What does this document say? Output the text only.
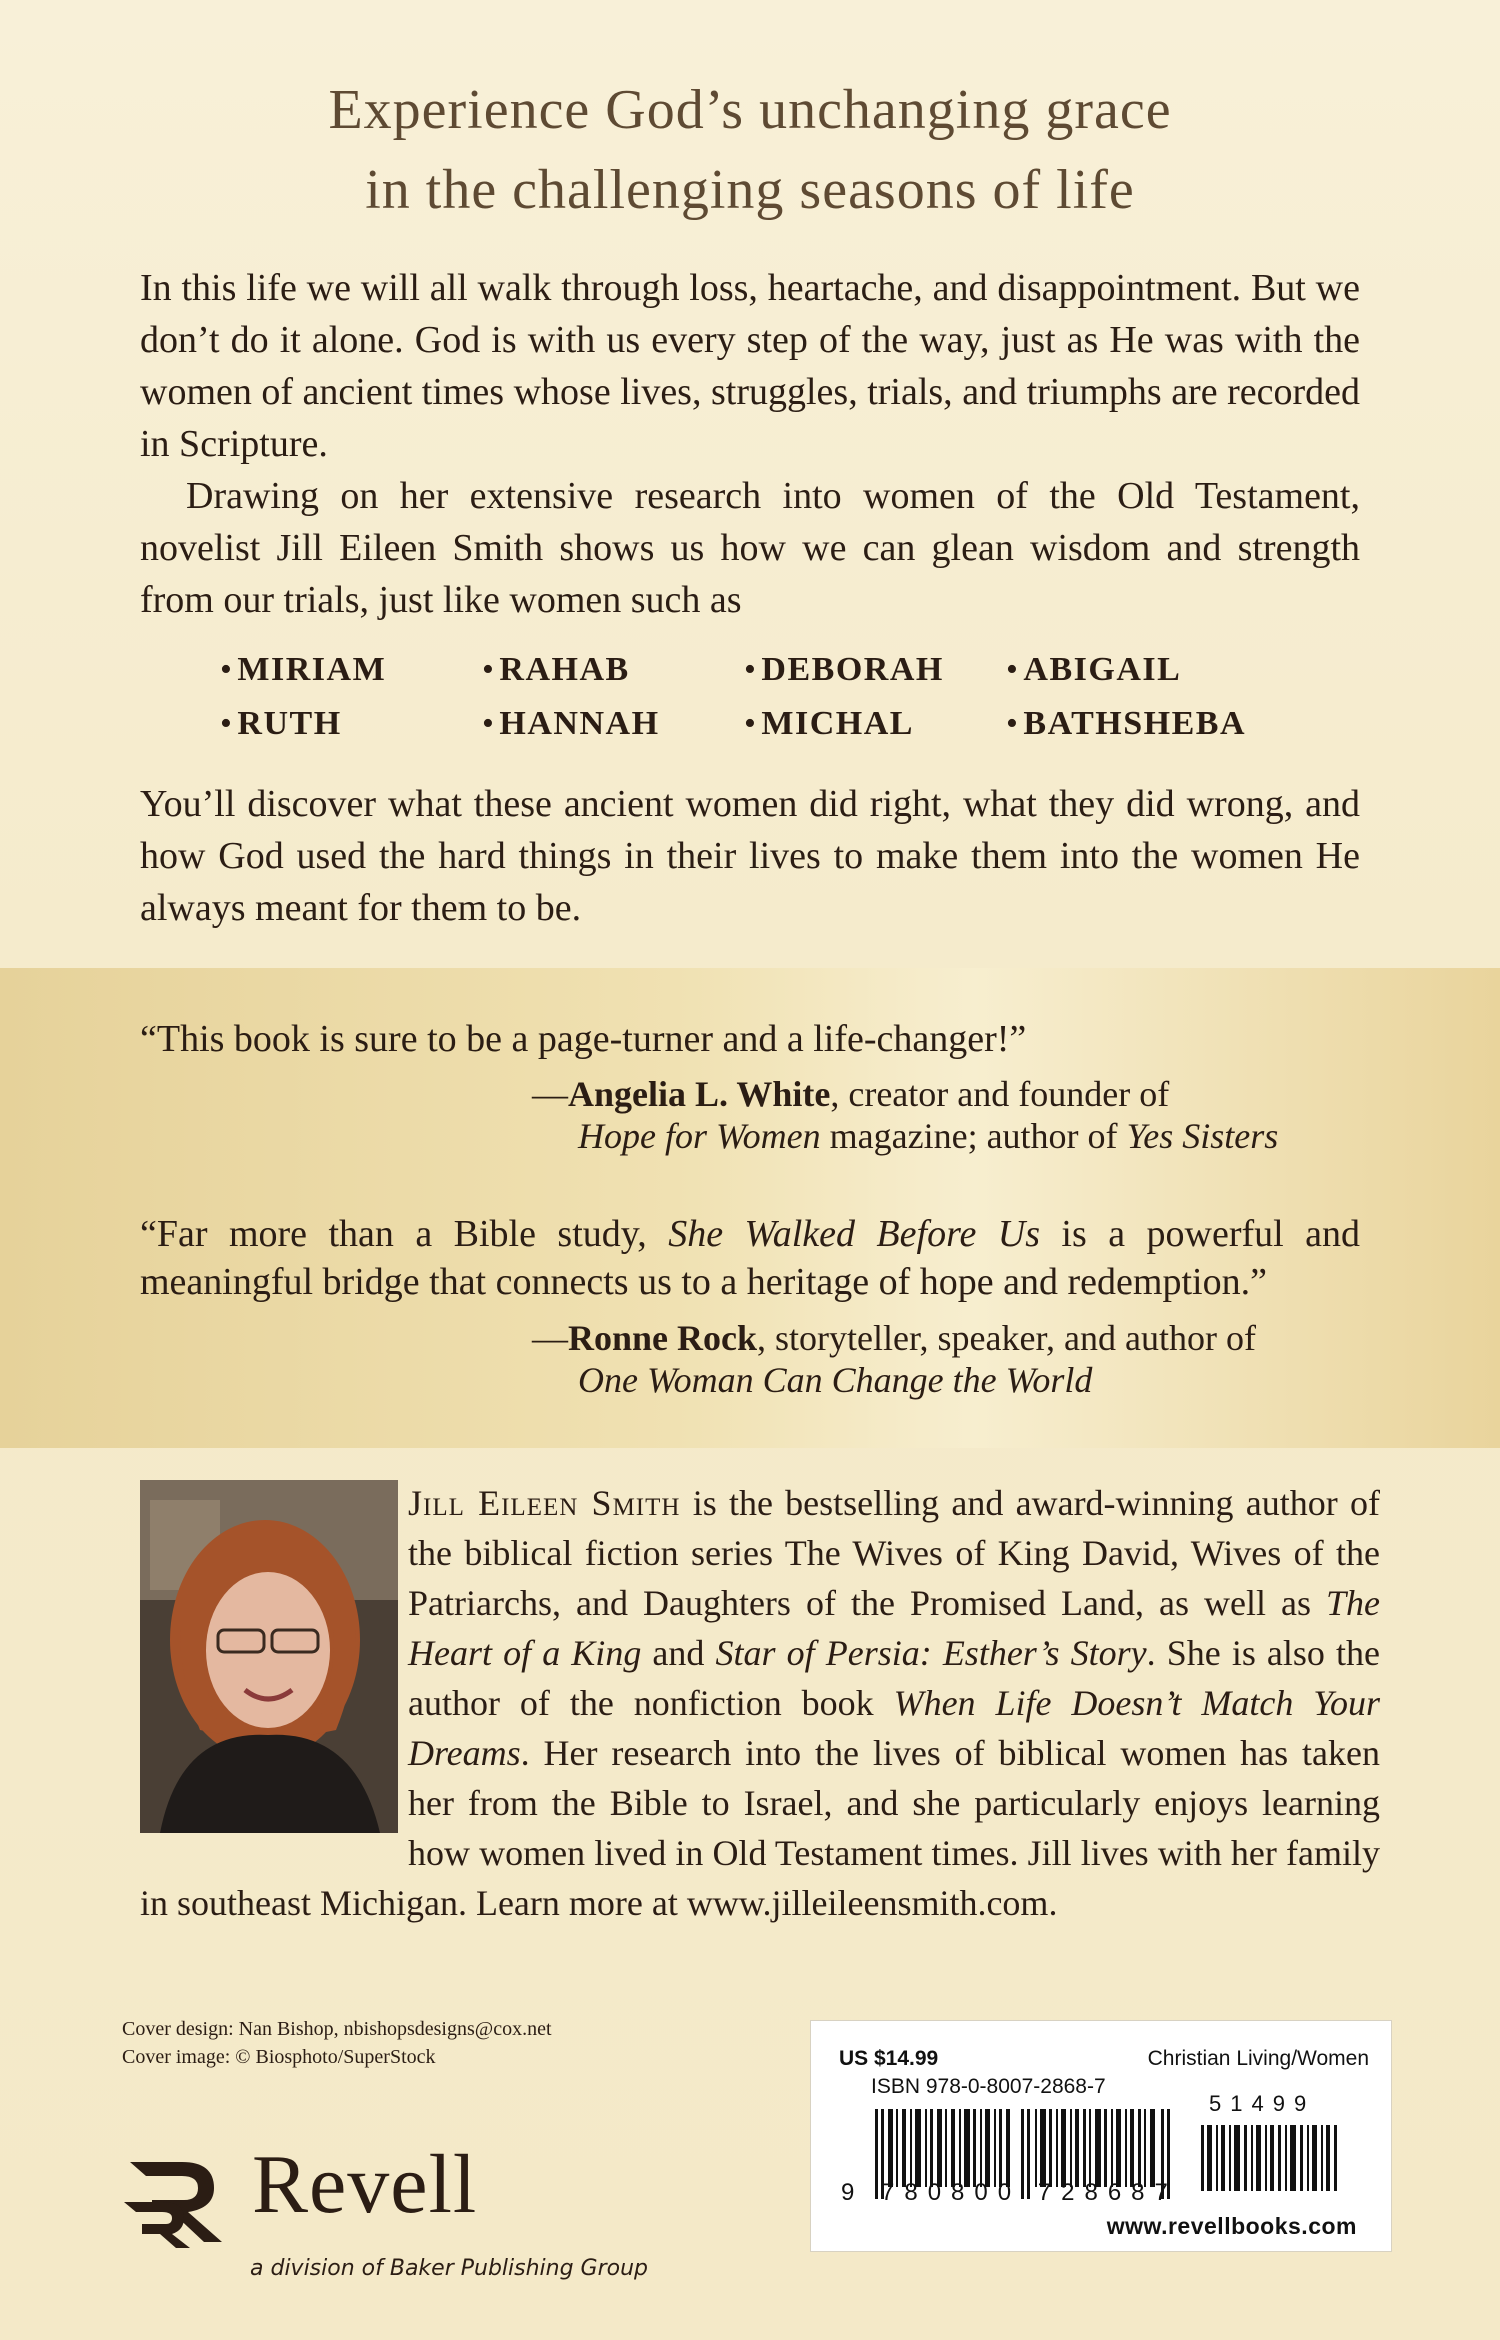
Experience God’s unchanging grace
in the challenging seasons of life

In this life we will all walk through loss, heartache, and disappointment. But we don’t do it alone. God is with us every step of the way, just as He was with the women of ancient times whose lives, struggles, trials, and triumphs are recorded in Scripture.

Drawing on her extensive research into women of the Old Testament, novelist Jill Eileen Smith shows us how we can glean wisdom and strength from our trials, just like women such as

• MIRIAM	• RAHAB	• DEBORAH	• ABIGAIL
• RUTH	• HANNAH	• MICHAL	• BATHSHEBA

You’ll discover what these ancient women did right, what they did wrong, and how God used the hard things in their lives to make them into the women He always meant for them to be.

“This book is sure to be a page-turner and a life-changer!”

—Angelia L. White, creator and founder of
Hope for Women magazine; author of Yes Sisters

“Far more than a Bible study, She Walked Before Us is a powerful and meaningful bridge that connects us to a heritage of hope and redemption.”

—Ronne Rock, storyteller, speaker, and author of
One Woman Can Change the World
Jill Eileen Smith is the bestselling and award-winning author of the biblical fiction series The Wives of King David, Wives of the Patriarchs, and Daughters of the Promised Land, as well as The Heart of a King and Star of Persia: Esther’s Story. She is also the author of the nonfiction book When Life Doesn’t Match Your Dreams. Her research into the lives of biblical women has taken her from the Bible to Israel, and she particularly enjoys learning how women lived in Old Testament times. Jill lives with her family in southeast Michigan. Learn more at www.jilleileensmith.com.
Cover design: Nan Bishop, nbishopsdesigns@cox.net
Cover image: © Biosphoto/SuperStock
Revell
a division of Baker Publishing Group
US $14.99	Christian Living/Women
ISBN 978-0-8007-2868-7
51499
9 780800 728687
www.revellbooks.com
